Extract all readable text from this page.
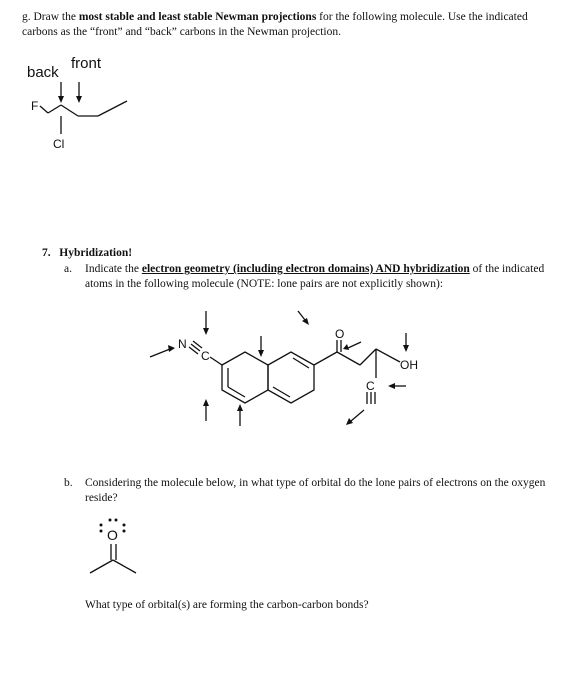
g. Draw the most stable and least stable Newman projections for the following molecule. Use the indicated
carbons as the “front” and “back” carbons in the Newman projection.
back
front
F
Cl
7. Hybridization!
a. Indicate the electron geometry (including electron domains) AND hybridization of the indicated
atoms in the following molecule (NOTE: lone pairs are not explicitly shown):
N
C
O
OH
C
b. Considering the molecule below, in what type of orbital do the lone pairs of electrons on the oxygen
reside?
O
What type of orbital(s) are forming the carbon-carbon bonds?
